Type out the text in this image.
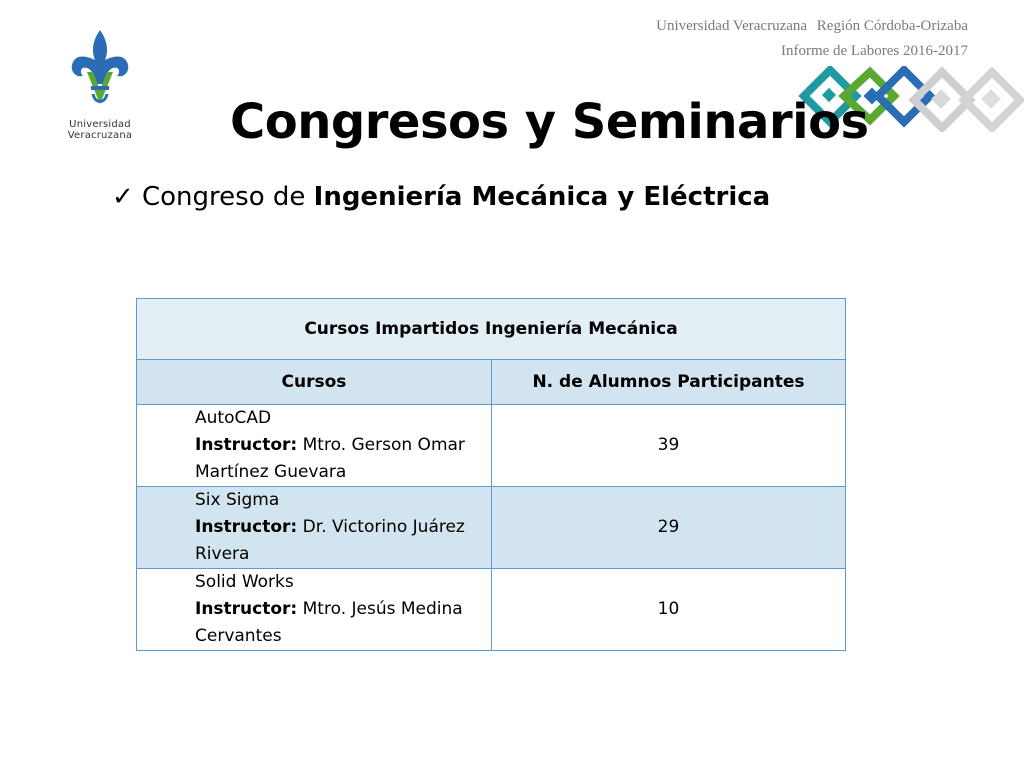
Universidad Veracruzana Región Córdoba-Orizaba
Informe de Labores 2016-2017
Universidad Veracruzana	Congresos y Seminarios
✓ Congreso de Ingeniería Mecánica y Eléctrica
Cursos Impartidos Ingeniería Mecánica	
Cursos	N. de Alumnos Participantes

AutoCAD
Instructor: Mtro. Gerson Omar Martínez Guevara	39

Six Sigma
Instructor: Dr. Victorino Juárez Rivera	29

Solid Works
Instructor: Mtro. Jesús Medina Cervantes	10
